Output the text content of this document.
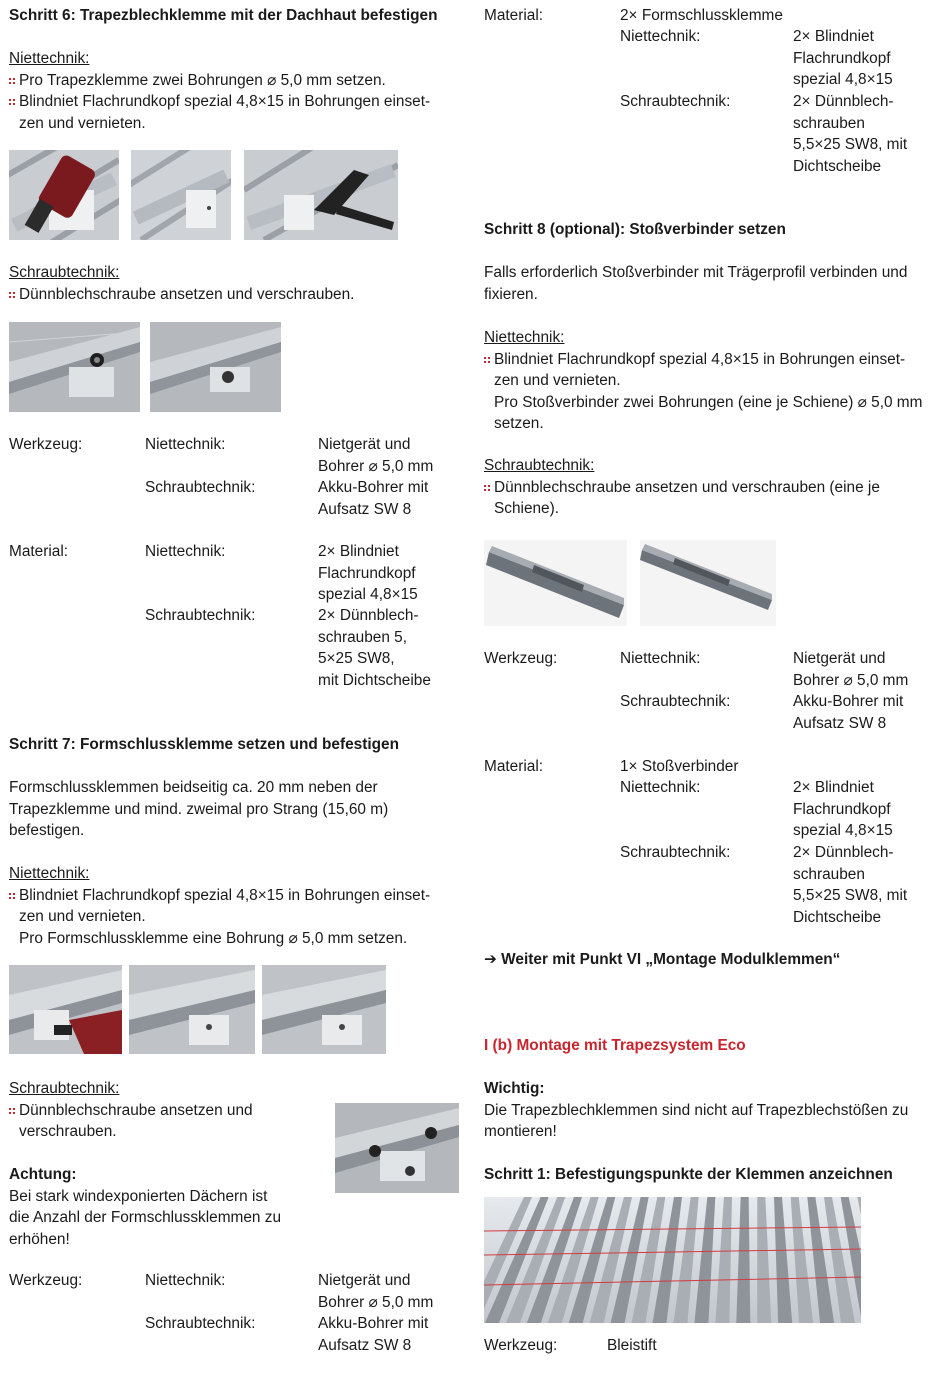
Schritt 6: Trapezblechklemme mit der Dachhaut befestigen
Niettechnik:
Pro Trapezklemme zwei Bohrungen ⌀ 5,0 mm setzen.
Blindniet Flachrundkopf spezial 4,8×15 in Bohrungen einset-
zen und vernieten.
Schraubtechnik:
Dünnblechschraube ansetzen und verschrauben.
Werkzeug:	Niettechnik:	Nietgerät und
Bohrer ⌀ 5,0 mm
Schraubtechnik:	Akku-Bohrer mit
Aufsatz SW 8
Material:	Niettechnik:	2× Blindniet
Flachrundkopf
spezial 4,8×15
Schraubtechnik:	2× Dünnblech-
schrauben 5,
5×25 SW8,
mit Dichtscheibe
Schritt 7: Formschlussklemme setzen und befestigen
Formschlussklemmen beidseitig ca. 20 mm neben der
Trapezklemme und mind. zweimal pro Strang (15,60 m)
befestigen.
Niettechnik:
Blindniet Flachrundkopf spezial 4,8×15 in Bohrungen einset-
zen und vernieten.
Pro Formschlussklemme eine Bohrung ⌀ 5,0 mm setzen.
Schraubtechnik:
Dünnblechschraube ansetzen und
verschrauben.
Achtung:
Bei stark windexponierten Dächern ist
die Anzahl der Formschlussklemmen zu
erhöhen!
Werkzeug:	Niettechnik:	Nietgerät und
Bohrer ⌀ 5,0 mm
Schraubtechnik:	Akku-Bohrer mit
Aufsatz SW 8
Material:	2× Formschlussklemme
Niettechnik:	2× Blindniet
Flachrundkopf
spezial 4,8×15
Schraubtechnik:	2× Dünnblech-
schrauben
5,5×25 SW8, mit
Dichtscheibe
Schritt 8 (optional): Stoßverbinder setzen
Falls erforderlich Stoßverbinder mit Trägerprofil verbinden und
fixieren.
Niettechnik:
Blindniet Flachrundkopf spezial 4,8×15 in Bohrungen einset-
zen und vernieten.
Pro Stoßverbinder zwei Bohrungen (eine je Schiene) ⌀ 5,0 mm
setzen.
Schraubtechnik:
Dünnblechschraube ansetzen und verschrauben (eine je
Schiene).
Werkzeug:	Niettechnik:	Nietgerät und
Bohrer ⌀ 5,0 mm
Schraubtechnik:	Akku-Bohrer mit
Aufsatz SW 8
Material:	1× Stoßverbinder
Niettechnik:	2× Blindniet
Flachrundkopf
spezial 4,8×15
Schraubtechnik:	2× Dünnblech-
schrauben
5,5×25 SW8, mit
Dichtscheibe
➔ Weiter mit Punkt VI „Montage Modulklemmen“
I (b) Montage mit Trapezsystem Eco
Wichtig:
Die Trapezblechklemmen sind nicht auf Trapezblechstößen zu
montieren!
Schritt 1: Befestigungspunkte der Klemmen anzeichnen
Werkzeug:	Bleistift
